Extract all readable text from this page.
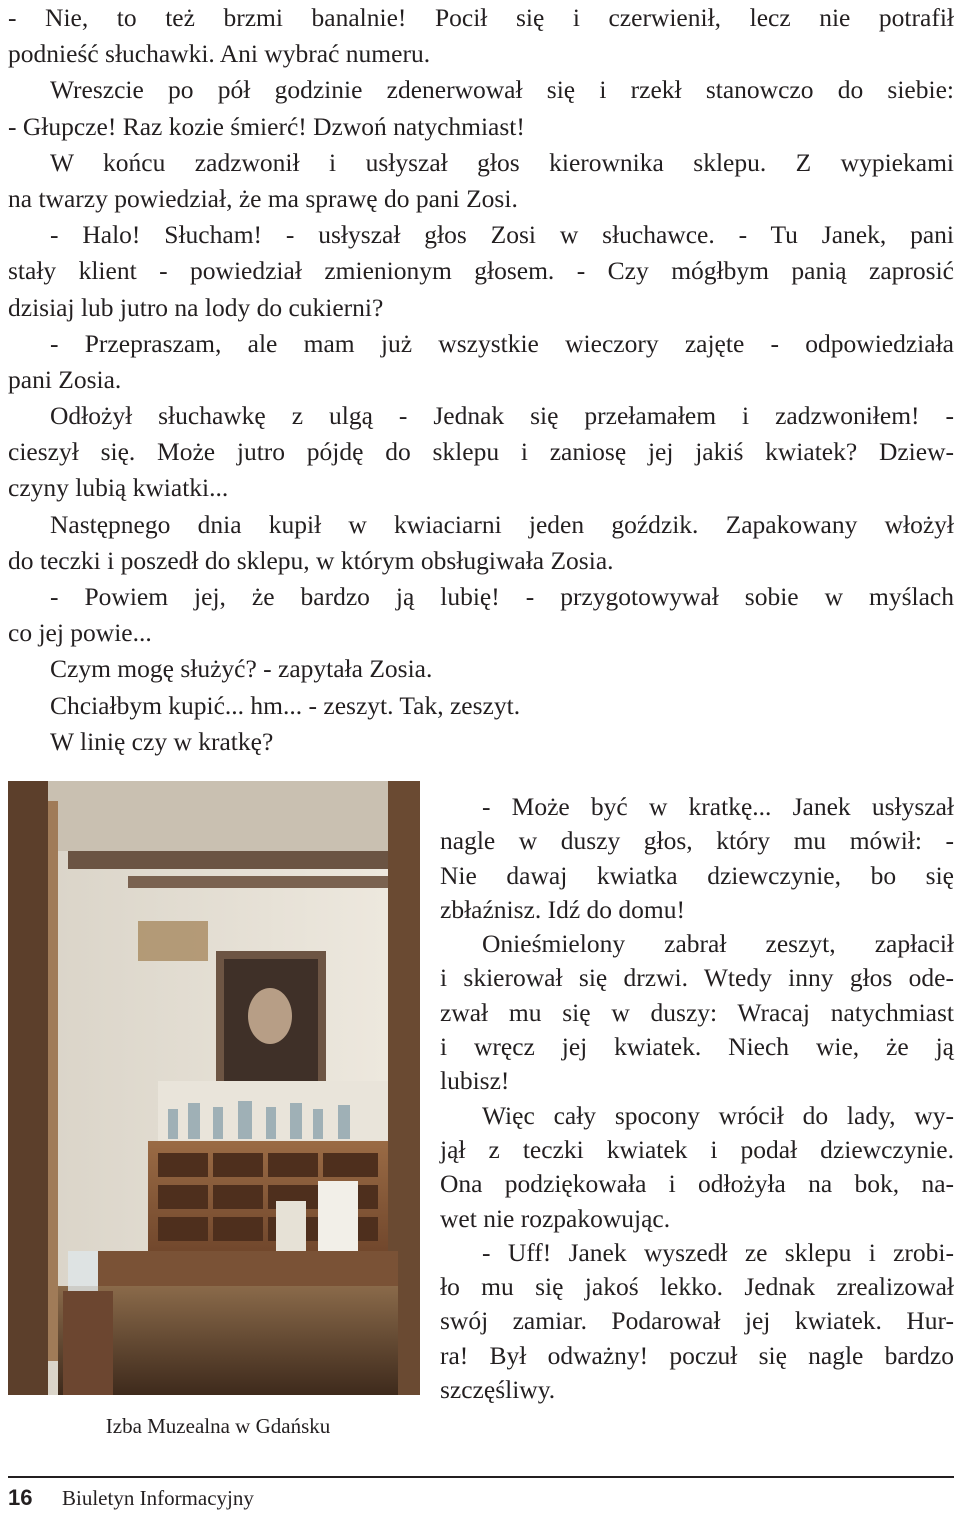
- Nie, to też brzmi banalnie! Pocił się i czerwienił, lecz nie potrafił
podnieść słuchawki. Ani wybrać numeru.
Wreszcie po pół godzinie zdenerwował się i rzekł stanowczo do siebie:
- Głupcze! Raz kozie śmierć! Dzwoń natychmiast!
W końcu zadzwonił i usłyszał głos kierownika sklepu. Z wypiekami
na twarzy powiedział, że ma sprawę do pani Zosi.
- Halo! Słucham! - usłyszał głos Zosi w słuchawce. - Tu Janek, pani
stały klient - powiedział zmienionym głosem. - Czy mógłbym panią zaprosić
dzisiaj lub jutro na lody do cukierni?
- Przepraszam, ale mam już wszystkie wieczory zajęte - odpowiedziała
pani Zosia.
Odłożył słuchawkę z ulgą - Jednak się przełamałem i zadzwoniłem! -
cieszył się. Może jutro pójdę do sklepu i zaniosę jej jakiś kwiatek? Dziew-
czyny lubią kwiatki...
Następnego dnia kupił w kwiaciarni jeden goździk. Zapakowany włożył
do teczki i poszedł do sklepu, w którym obsługiwała Zosia.
- Powiem jej, że bardzo ją lubię! - przygotowywał sobie w myślach
co jej powie...
Czym mogę służyć? - zapytała Zosia.
Chciałbym kupić... hm... - zeszyt. Tak, zeszyt.
W linię czy w kratkę?
Izba Muzealna w Gdańsku
- Może być w kratkę... Janek usłyszał
nagle w duszy głos, który mu mówił: -
Nie dawaj kwiatka dziewczynie, bo się
zbłaźnisz. Idź do domu!
Onieśmielony zabrał zeszyt, zapłacił
i skierował się drzwi. Wtedy inny głos ode-
zwał mu się w duszy: Wracaj natychmiast
i wręcz jej kwiatek. Niech wie, że ją
lubisz!
Więc cały spocony wrócił do lady, wy-
jął z teczki kwiatek i podał dziewczynie.
Ona podziękowała i odłożyła na bok, na-
wet nie rozpakowując.
- Uff! Janek wyszedł ze sklepu i zrobi-
ło mu się jakoś lekko. Jednak zrealizował
swój zamiar. Podarował jej kwiatek. Hur-
ra! Był odważny! poczuł się nagle bardzo
szczęśliwy.
16 Biuletyn Informacyjny
